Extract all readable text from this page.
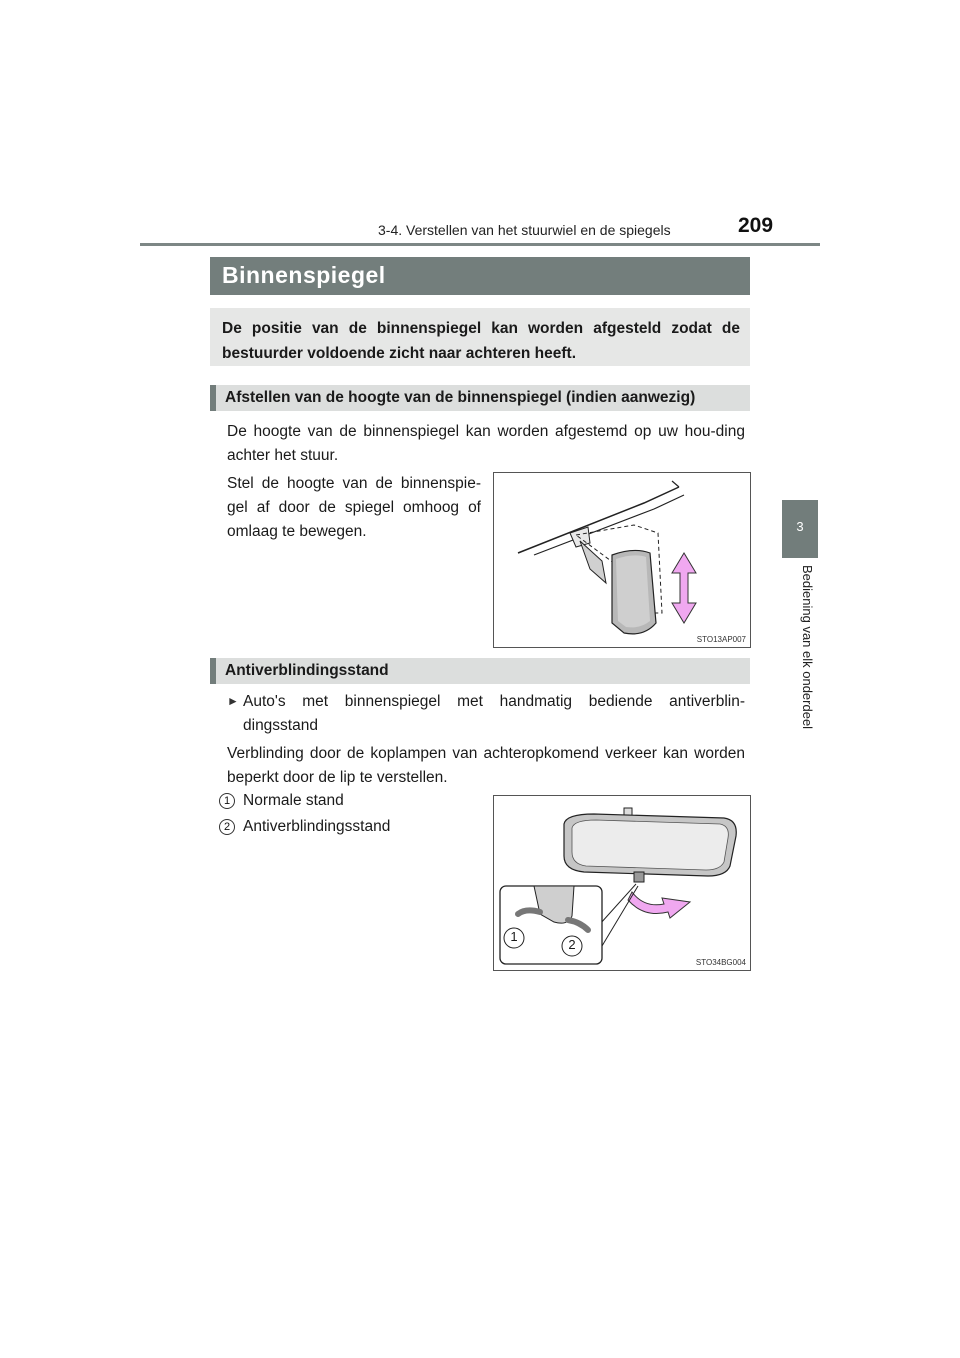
3-4. Verstellen van het stuurwiel en de spiegels	209
3
Bediening van elk onderdeel
Binnenspiegel
De positie van de binnenspiegel kan worden afgesteld zodat de bestuurder voldoende zicht naar achteren heeft.
Afstellen van de hoogte van de binnenspiegel (indien aanwezig)
De hoogte van de binnenspiegel kan worden afgestemd op uw hou-ding achter het stuur.
Stel de hoogte van de binnenspie-gel af door de spiegel omhoog of omlaag te bewegen.
STO13AP007
Antiverblindingsstand
► Auto's met binnenspiegel met handmatig bediende antiverblin-dingsstand
Verblinding door de koplampen van achteropkomend verkeer kan worden beperkt door de lip te verstellen.
1 Normale stand
2 Antiverblindingsstand
1
2
STO34BG004
